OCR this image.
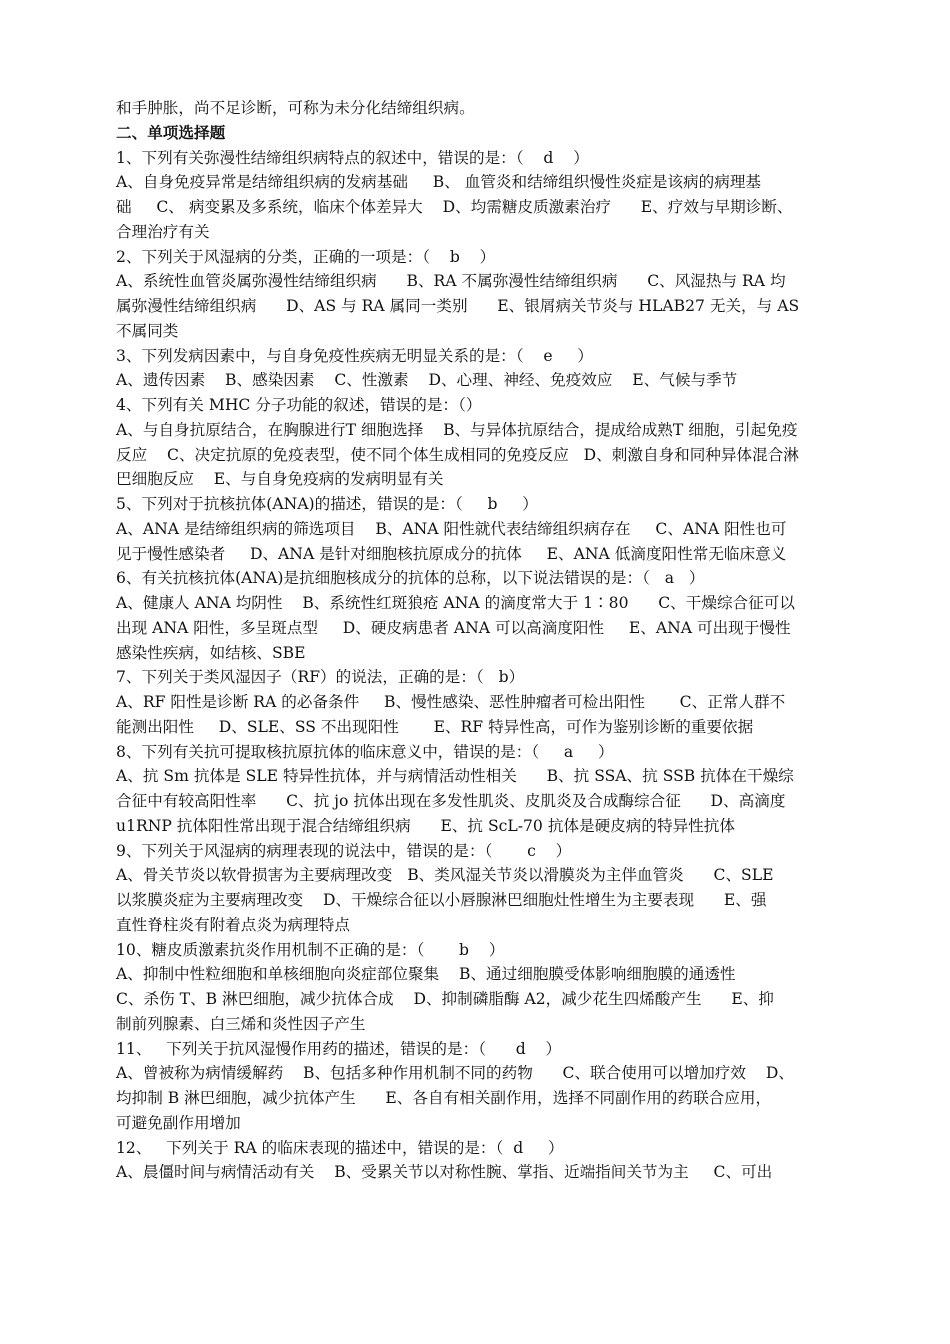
和手肿胀，尚不足诊断，可称为未分化结缔组织病。
二、单项选择题
1、下列有关弥漫性结缔组织病特点的叙述中，错误的是：（    d    ）
A、自身免疫异常是结缔组织病的发病基础     B、 血管炎和结缔组织慢性炎症是该病的病理基
础     C、 病变累及多系统，临床个体差异大    D、均需糖皮质激素治疗      E、疗效与早期诊断、
合理治疗有关
2、下列关于风湿病的分类，正确的一项是：（    b    ）
A、系统性血管炎属弥漫性结缔组织病      B、RA 不属弥漫性结缔组织病      C、风湿热与 RA 均
属弥漫性结缔组织病      D、AS 与 RA 属同一类别      E、银屑病关节炎与 HLAB27 无关，与 AS
不属同类
3、下列发病因素中，与自身免疫性疾病无明显关系的是：（    e     ）
A、遗传因素    B、感染因素    C、性激素    D、心理、神经、免疫效应    E、气候与季节
4、下列有关 MHC 分子功能的叙述，错误的是：（）
A、与自身抗原结合，在胸腺进行T 细胞选择    B、与异体抗原结合，提成给成熟T 细胞，引起免疫
反应    C、决定抗原的免疫表型，使不同个体生成相同的免疫反应   D、刺激自身和同种异体混合淋
巴细胞反应    E、与自身免疫病的发病明显有关
5、下列对于抗核抗体(ANA)的描述，错误的是：（     b     ）
A、ANA 是结缔组织病的筛选项目    B、ANA 阳性就代表结缔组织病存在     C、ANA 阳性也可
见于慢性感染者     D、ANA 是针对细胞核抗原成分的抗体     E、ANA 低滴度阳性常无临床意义
6、有关抗核抗体(ANA)是抗细胞核成分的抗体的总称，以下说法错误的是：（   a   ）
A、健康人 ANA 均阴性    B、系统性红斑狼疮 ANA 的滴度常大于 1∶80      C、干燥综合征可以
出现 ANA 阳性，多呈斑点型     D、硬皮病患者 ANA 可以高滴度阳性     E、ANA 可出现于慢性
感染性疾病，如结核、SBE
7、下列关于类风湿因子（RF）的说法，正确的是：（   b）
A、RF 阳性是诊断 RA 的必备条件     B、慢性感染、恶性肿瘤者可检出阳性       C、正常人群不
能测出阳性     D、SLE、SS 不出现阳性       E、RF 特异性高，可作为鉴别诊断的重要依据
8、下列有关抗可提取核抗原抗体的临床意义中，错误的是：（     a     ）
A、抗 Sm 抗体是 SLE 特异性抗体，并与病情活动性相关      B、抗 SSA、抗 SSB 抗体在干燥综
合征中有较高阳性率      C、抗 jo 抗体出现在多发性肌炎、皮肌炎及合成酶综合征      D、高滴度
u1RNP 抗体阳性常出现于混合结缔组织病      E、抗 ScL-70 抗体是硬皮病的特异性抗体
9、下列关于风湿病的病理表现的说法中，错误的是：（       c    ）
A、骨关节炎以软骨损害为主要病理改变   B、类风湿关节炎以滑膜炎为主伴血管炎      C、SLE
以浆膜炎症为主要病理改变    D、干燥综合征以小唇腺淋巴细胞灶性增生为主要表现      E、强
直性脊柱炎有附着点炎为病理特点
10、糖皮质激素抗炎作用机制不正确的是：（       b    ）
A、抑制中性粒细胞和单核细胞向炎症部位聚集    B、通过细胞膜受体影响细胞膜的通透性
C、杀伤 T、B 淋巴细胞，减少抗体合成    D、抑制磷脂酶 A2，减少花生四烯酸产生      E、抑
制前列腺素、白三烯和炎性因子产生
11、   下列关于抗风湿慢作用药的描述，错误的是：（      d    ）
A、曾被称为病情缓解药    B、包括多种作用机制不同的药物      C、联合使用可以增加疗效    D、
均抑制 B 淋巴细胞，减少抗体产生      E、各自有相关副作用，选择不同副作用的药联合应用，
可避免副作用增加
12、   下列关于 RA 的临床表现的描述中，错误的是：（  d     ）
A、晨僵时间与病情活动有关    B、受累关节以对称性腕、掌指、近端指间关节为主     C、可出
